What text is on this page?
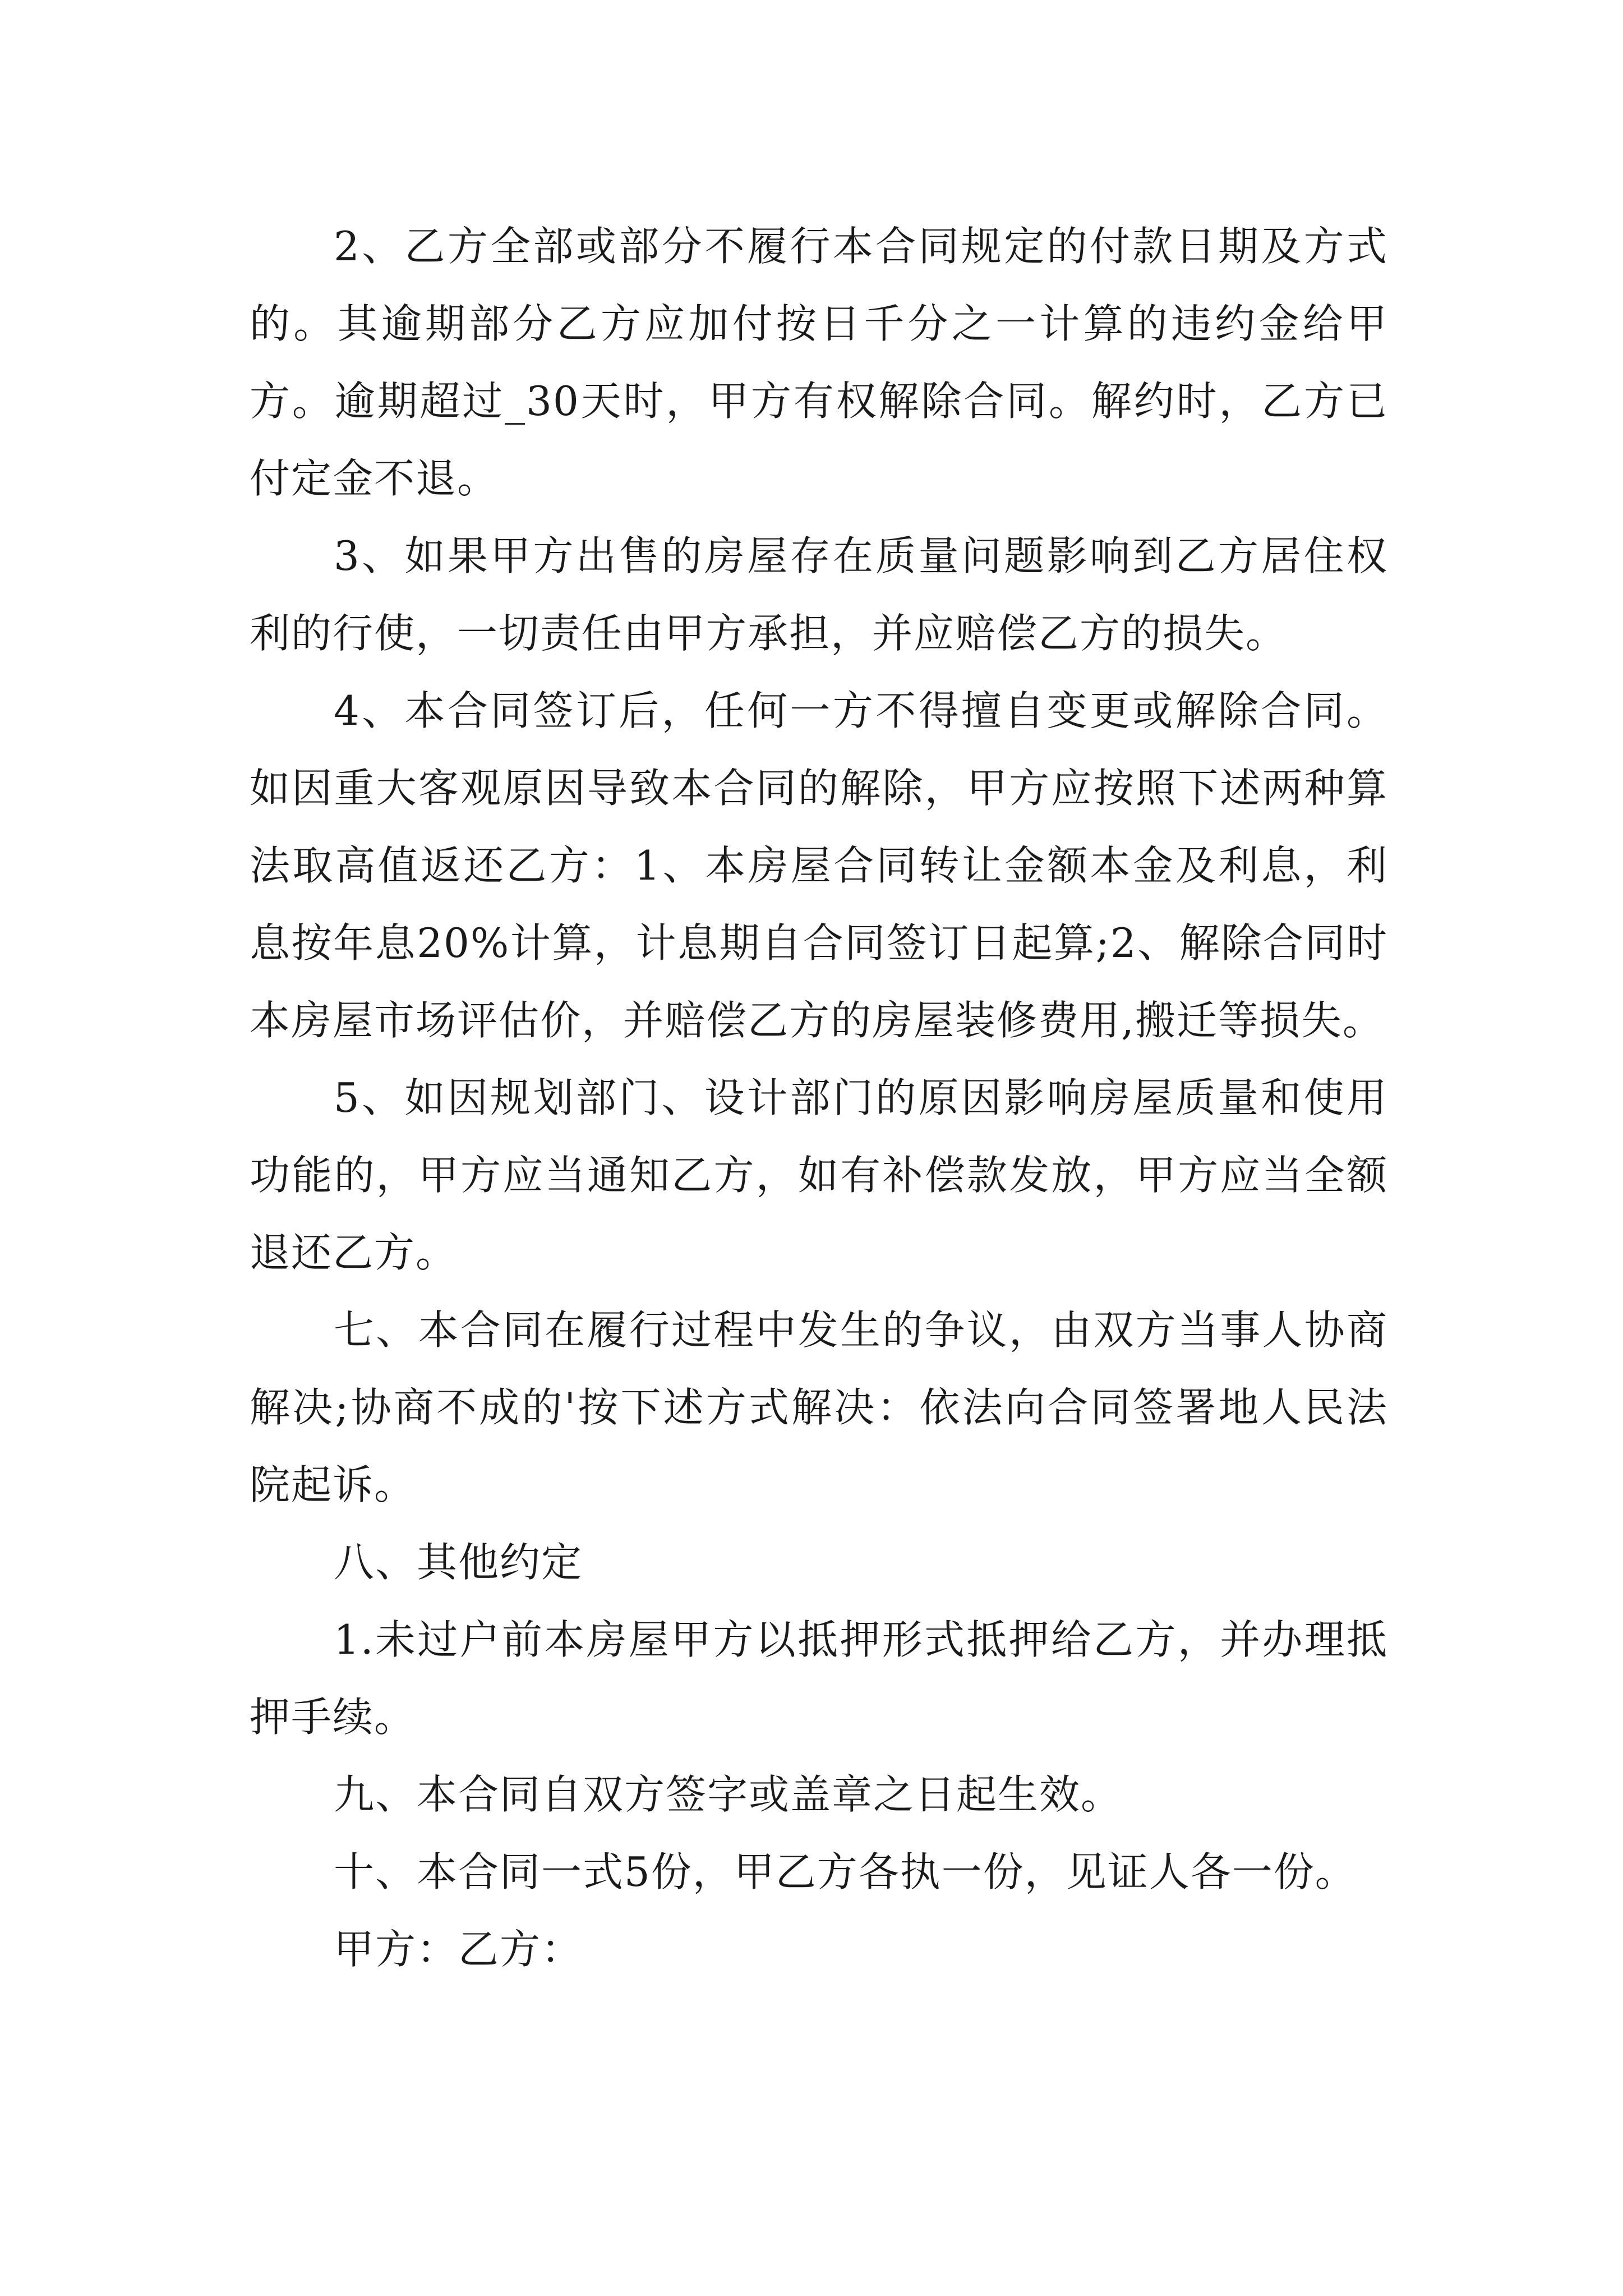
2、乙方全部或部分不履行本合同规定的付款日期及方式的。其逾期部分乙方应加付按日千分之一计算的违约金给甲方。逾期超过_30天时，甲方有权解除合同。解约时，乙方已付定金不退。

3、如果甲方出售的房屋存在质量问题影响到乙方居住权利的行使，一切责任由甲方承担，并应赔偿乙方的损失。

4、本合同签订后，任何一方不得擅自变更或解除合同。如因重大客观原因导致本合同的解除，甲方应按照下述两种算法取高值返还乙方：1、本房屋合同转让金额本金及利息，利息按年息20%计算，计息期自合同签订日起算;2、解除合同时本房屋市场评估价，并赔偿乙方的房屋装修费用,搬迁等损失。

5、如因规划部门、设计部门的原因影响房屋质量和使用功能的，甲方应当通知乙方，如有补偿款发放，甲方应当全额退还乙方。

七、本合同在履行过程中发生的争议，由双方当事人协商解决;协商不成的'按下述方式解决：依法向合同签署地人民法院起诉。

八、其他约定

1.未过户前本房屋甲方以抵押形式抵押给乙方，并办理抵押手续。

九、本合同自双方签字或盖章之日起生效。

十、本合同一式5份，甲乙方各执一份，见证人各一份。

甲方：乙方：
